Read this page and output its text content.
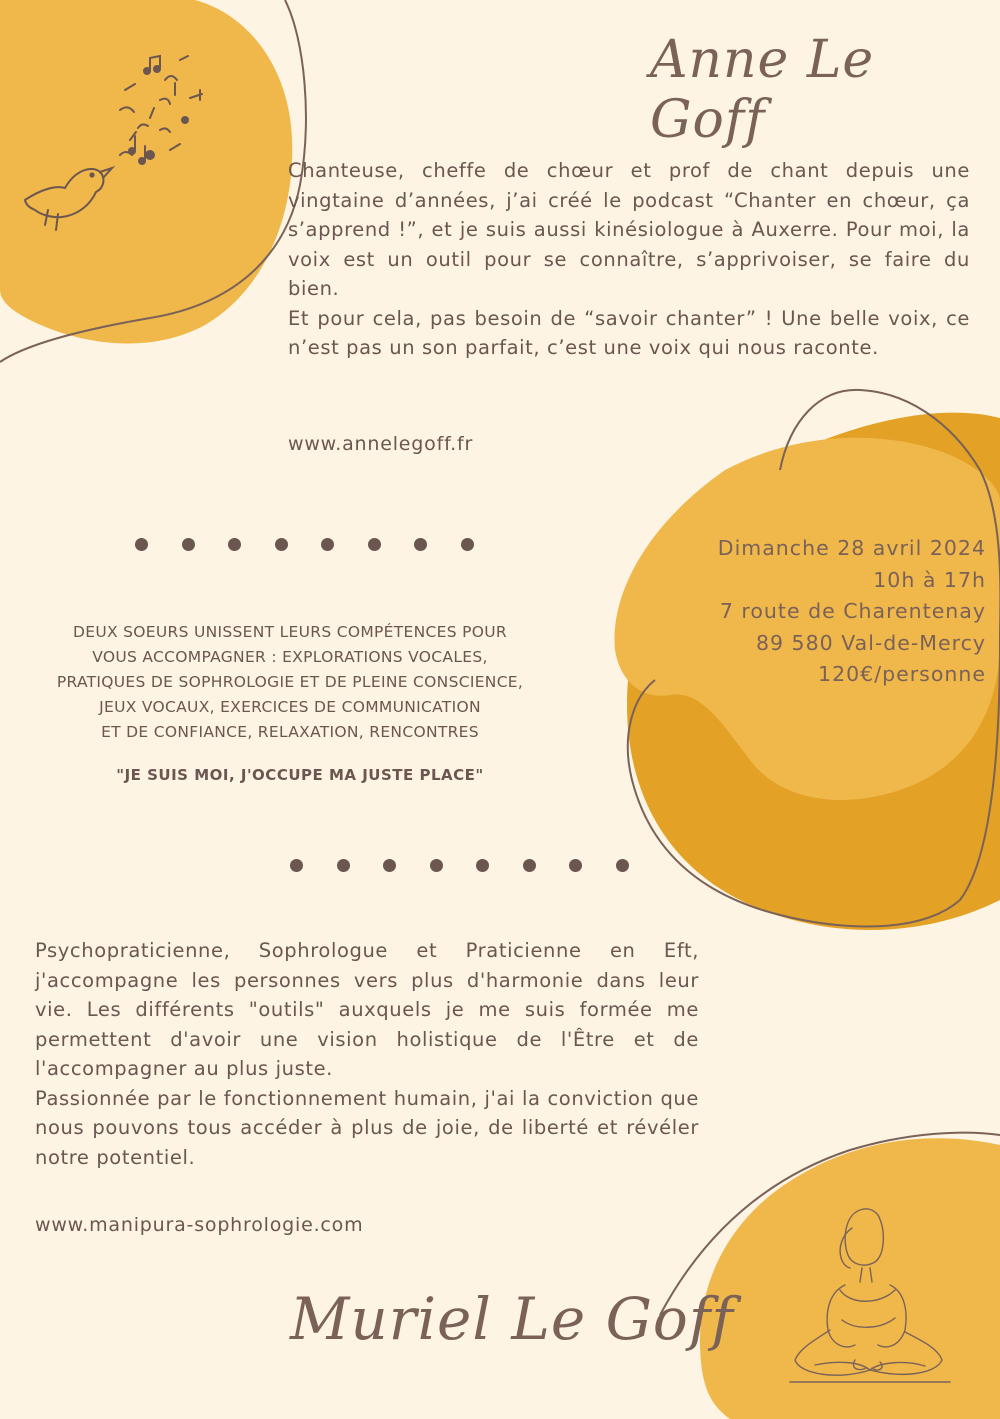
Anne Le Goff

Chanteuse, cheffe de chœur et prof de chant depuis une vingtaine d’années, j’ai créé le podcast “Chanter en chœur, ça s’apprend !”, et je suis aussi kinésiologue à Auxerre. Pour moi, la voix est un outil pour se connaître, s’apprivoiser, se faire du bien.

Et pour cela, pas besoin de “savoir chanter” ! Une belle voix, ce n’est pas un son parfait, c’est une voix qui nous raconte.

www.annelegoff.fr
Dimanche 28 avril 2024
10h à 17h
7 route de Charentenay
89 580 Val-de-Mercy
120€/personne
DEUX SOEURS UNISSENT LEURS COMPÉTENCES POUR
VOUS ACCOMPAGNER : EXPLORATIONS VOCALES,
PRATIQUES DE SOPHROLOGIE ET DE PLEINE CONSCIENCE,
JEUX VOCAUX, EXERCICES DE COMMUNICATION
ET DE CONFIANCE, RELAXATION, RENCONTRES
"JE SUIS MOI, J'OCCUPE MA JUSTE PLACE"

Psychopraticienne, Sophrologue et Praticienne en Eft, j'accompagne les personnes vers plus d'harmonie dans leur vie. Les différents "outils" auxquels je me suis formée me permettent d'avoir une vision holistique de l'Être et de l'accompagner au plus juste.

Passionnée par le fonctionnement humain, j'ai la conviction que nous pouvons tous accéder à plus de joie, de liberté et révéler notre potentiel.

www.manipura-sophrologie.com
Muriel Le Goff
